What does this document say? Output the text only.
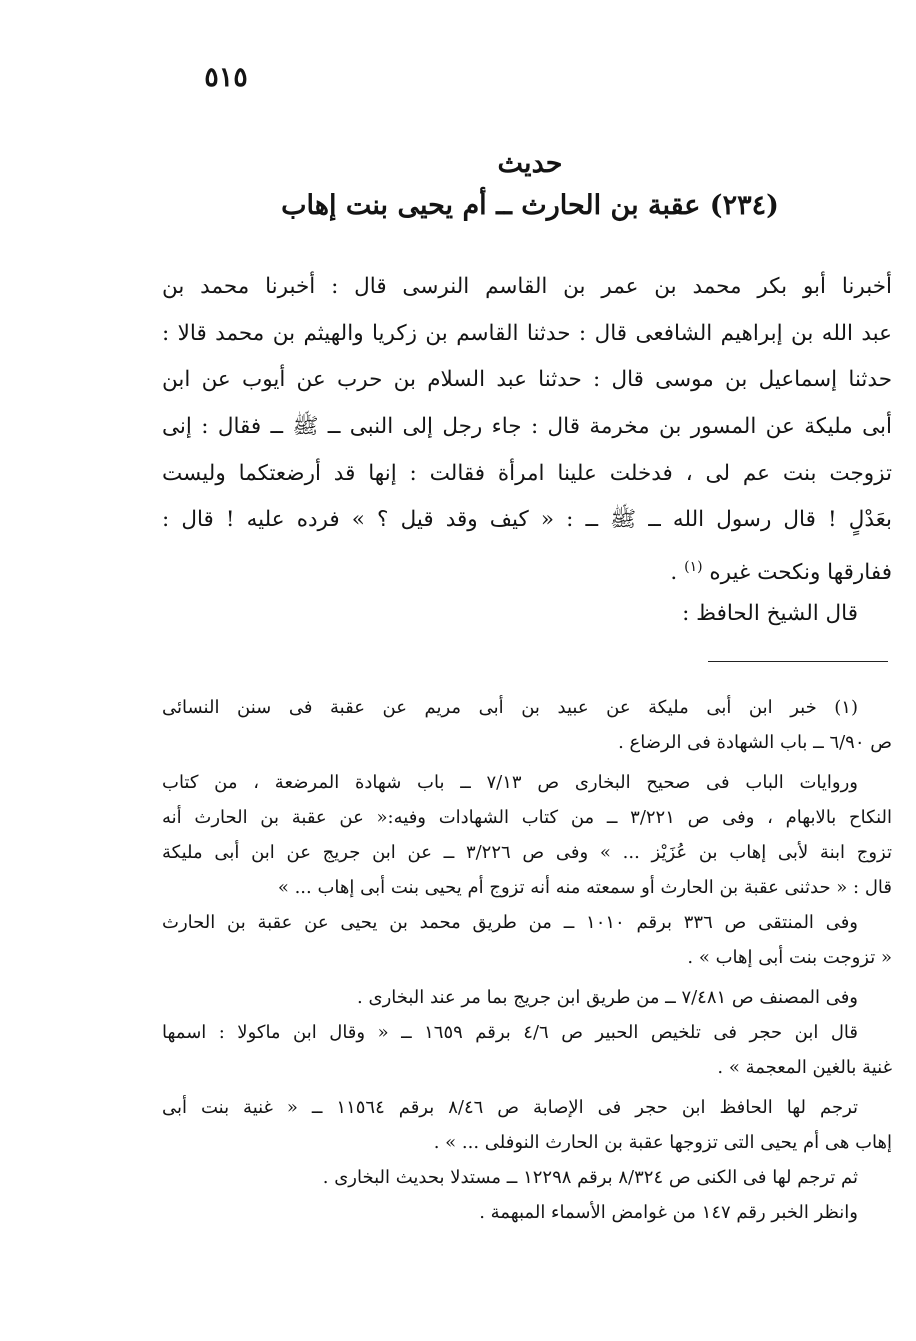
٥١٥
حديث
(٢٣٤) عقبة بن الحارث ــ أم يحيى بنت إهاب
أخبرنا أبو بكر محمد بن عمر بن القاسم النرسى قال : أخبرنا محمد بن
عبد الله بن إبراهيم الشافعى قال : حدثنا القاسم بن زكريا والهيثم بن محمد قالا :
حدثنا إسماعيل بن موسى قال : حدثنا عبد السلام بن حرب عن أيوب عن ابن
أبى مليكة عن المسور بن مخرمة قال : جاء رجل إلى النبى ــ ﷺ ــ فقال : إنى
تزوجت بنت عم لى ، فدخلت علينا امرأة فقالت : إنها قد أرضعتكما وليست
بعَدْلٍ ! قال رسول الله ــ ﷺ ــ : « كيف وقد قيل ؟ » فرده عليه ! قال :
ففارقها ونكحت غيره $^{(١)}$ .
قال الشيخ الحافظ :
(١) خبر ابن أبى مليكة عن عبيد بن أبى مريم عن عقبة فى سنن النسائى
ص ٦/٩٠ ــ باب الشهادة فى الرضاع .
وروايات الباب فى صحيح البخارى ص ٧/١٣ ــ باب شهادة المرضعة ، من كتاب
النكاح بالابهام ، وفى ص ٣/٢٢١ ــ من كتاب الشهادات وفيه:« عن عقبة بن الحارث أنه
تزوج ابنة لأبى إهاب بن عُزَيْز ... » وفى ص ٣/٢٢٦ ــ عن ابن جريج عن ابن أبى مليكة
قال : « حدثنى عقبة بن الحارث أو سمعته منه أنه تزوج أم يحيى بنت أبى إهاب ... »
وفى المنتقى ص ٣٣٦ برقم ١٠١٠ ــ من طريق محمد بن يحيى عن عقبة بن الحارث
« تزوجت بنت أبى إهاب » .
وفى المصنف ص ٧/٤٨١ ــ من طريق ابن جريج بما مر عند البخارى .
قال ابن حجر فى تلخيص الحبير ص ٤/٦ برقم ١٦٥٩ ــ « وقال ابن ماكولا : اسمها
غنية بالغين المعجمة » .
ترجم لها الحافظ ابن حجر فى الإصابة ص ٨/٤٦ برقم ١١٥٦٤ ــ « غنية بنت أبى
إهاب هى أم يحيى التى تزوجها عقبة بن الحارث النوفلى ... » .
ثم ترجم لها فى الكنى ص ٨/٣٢٤ برقم ١٢٢٩٨ ــ مستدلا بحديث البخارى .
وانظر الخبر رقم ١٤٧ من غوامض الأسماء المبهمة .
